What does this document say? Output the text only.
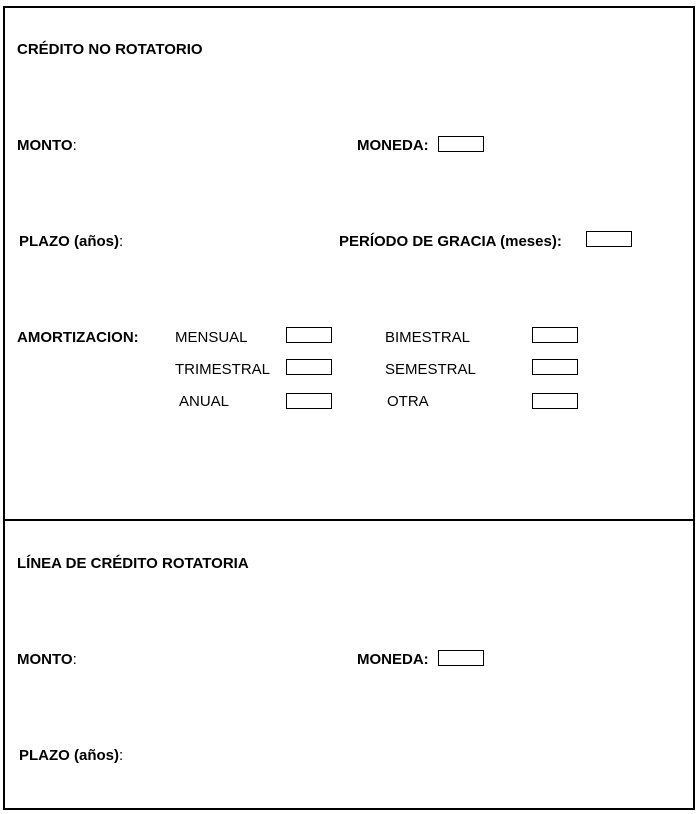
CRÉDITO NO ROTATORIO
MONTO:	MONEDA:
PLAZO (años):	PERÍODO DE GRACIA (meses):
AMORTIZACION: MENSUAL	BIMESTRAL
TRIMESTRAL	SEMESTRAL
ANUAL	OTRA
LÍNEA DE CRÉDITO ROTATORIA
MONTO:	MONEDA:
PLAZO (años):
